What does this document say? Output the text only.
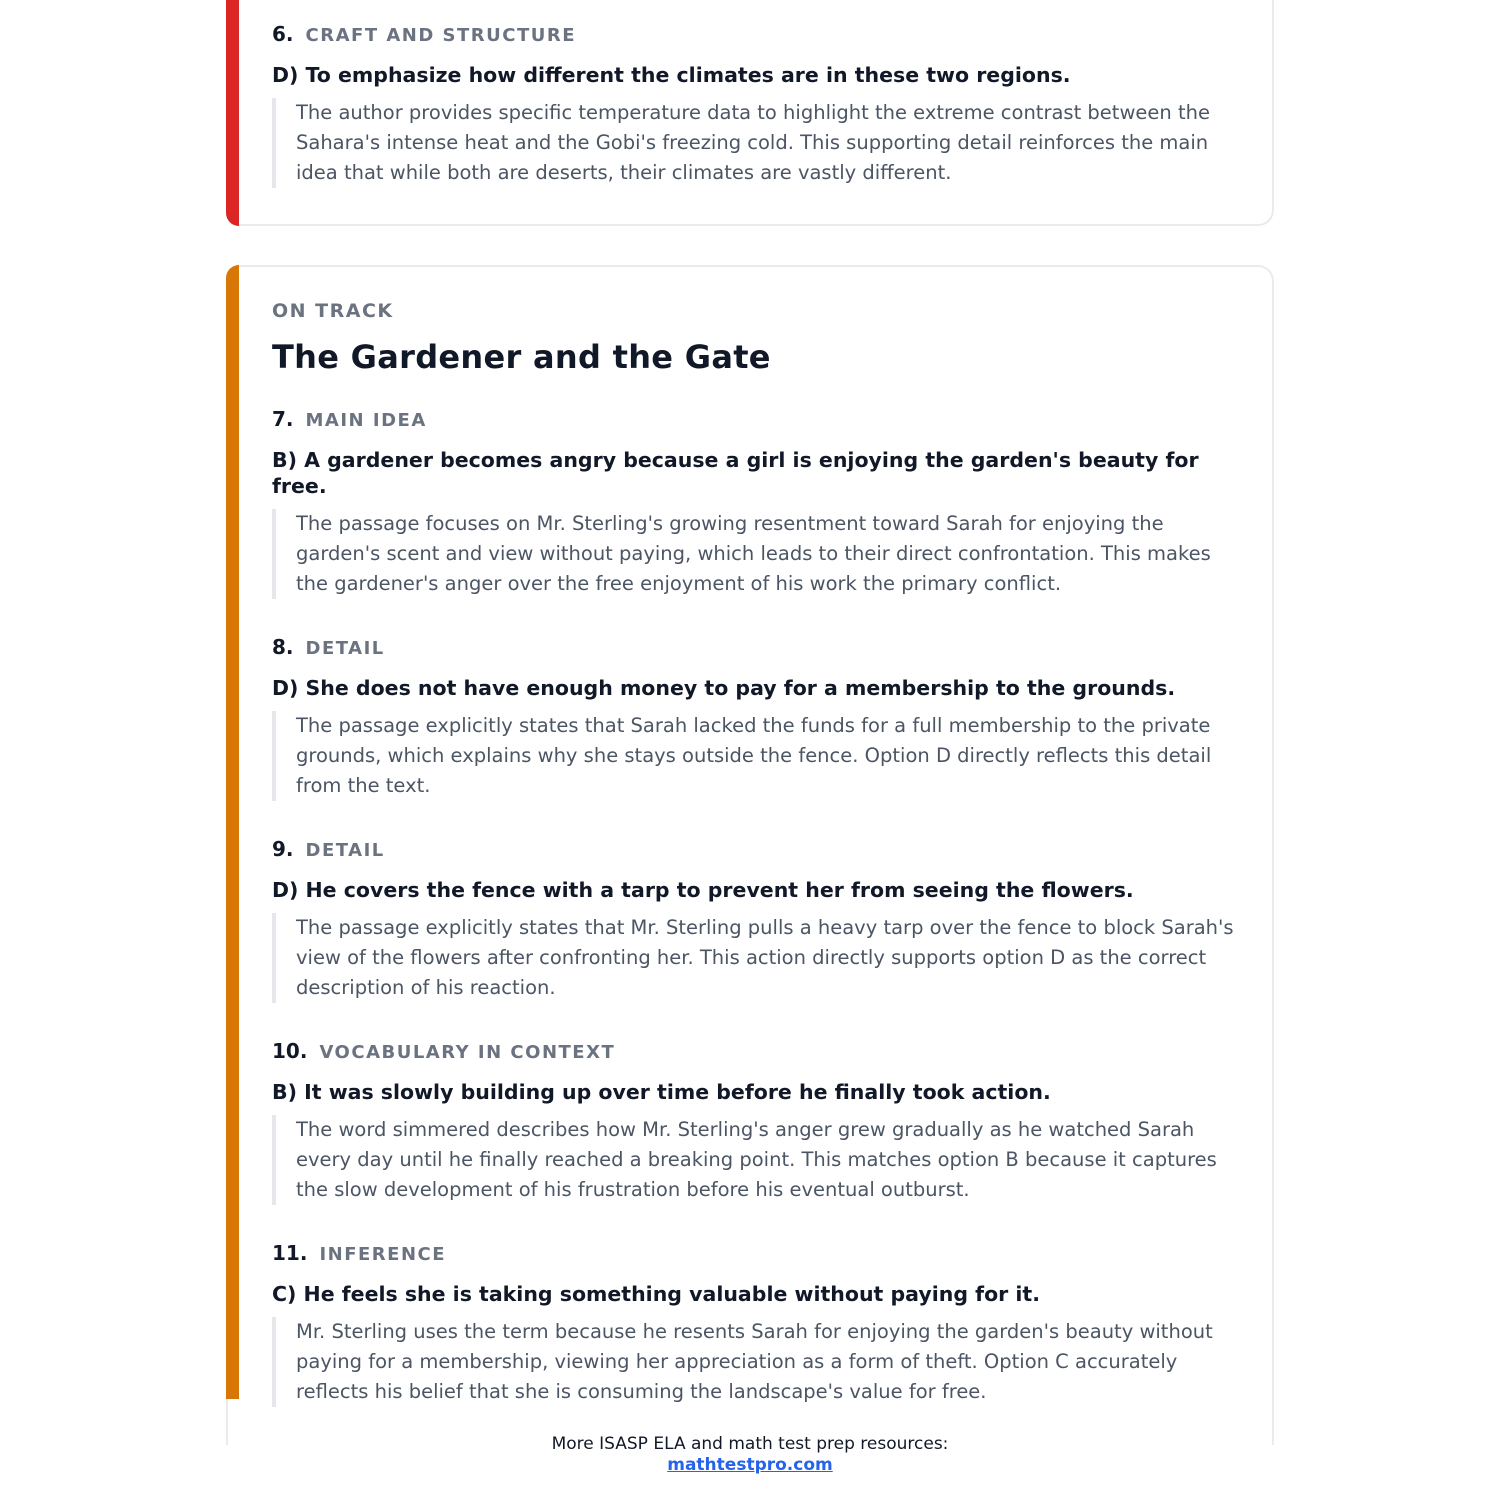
6. CRAFT AND STRUCTURE
D) To emphasize how different the climates are in these two regions.
The author provides specific temperature data to highlight the extreme contrast between the Sahara's intense heat and the Gobi's freezing cold. This supporting detail reinforces the main idea that while both are deserts, their climates are vastly different.
ON TRACK
The Gardener and the Gate
7. MAIN IDEA
B) A gardener becomes angry because a girl is enjoying the garden's beauty for free.
The passage focuses on Mr. Sterling's growing resentment toward Sarah for enjoying the garden's scent and view without paying, which leads to their direct confrontation. This makes the gardener's anger over the free enjoyment of his work the primary conflict.
8. DETAIL
D) She does not have enough money to pay for a membership to the grounds.
The passage explicitly states that Sarah lacked the funds for a full membership to the private grounds, which explains why she stays outside the fence. Option D directly reflects this detail from the text.
9. DETAIL
D) He covers the fence with a tarp to prevent her from seeing the flowers.
The passage explicitly states that Mr. Sterling pulls a heavy tarp over the fence to block Sarah's view of the flowers after confronting her. This action directly supports option D as the correct description of his reaction.
10. VOCABULARY IN CONTEXT
B) It was slowly building up over time before he finally took action.
The word simmered describes how Mr. Sterling's anger grew gradually as he watched Sarah every day until he finally reached a breaking point. This matches option B because it captures the slow development of his frustration before his eventual outburst.
11. INFERENCE
C) He feels she is taking something valuable without paying for it.
Mr. Sterling uses the term because he resents Sarah for enjoying the garden's beauty without paying for a membership, viewing her appreciation as a form of theft. Option C accurately reflects his belief that she is consuming the landscape's value for free.
More ISASP ELA and math test prep resources:
mathtestpro.com
